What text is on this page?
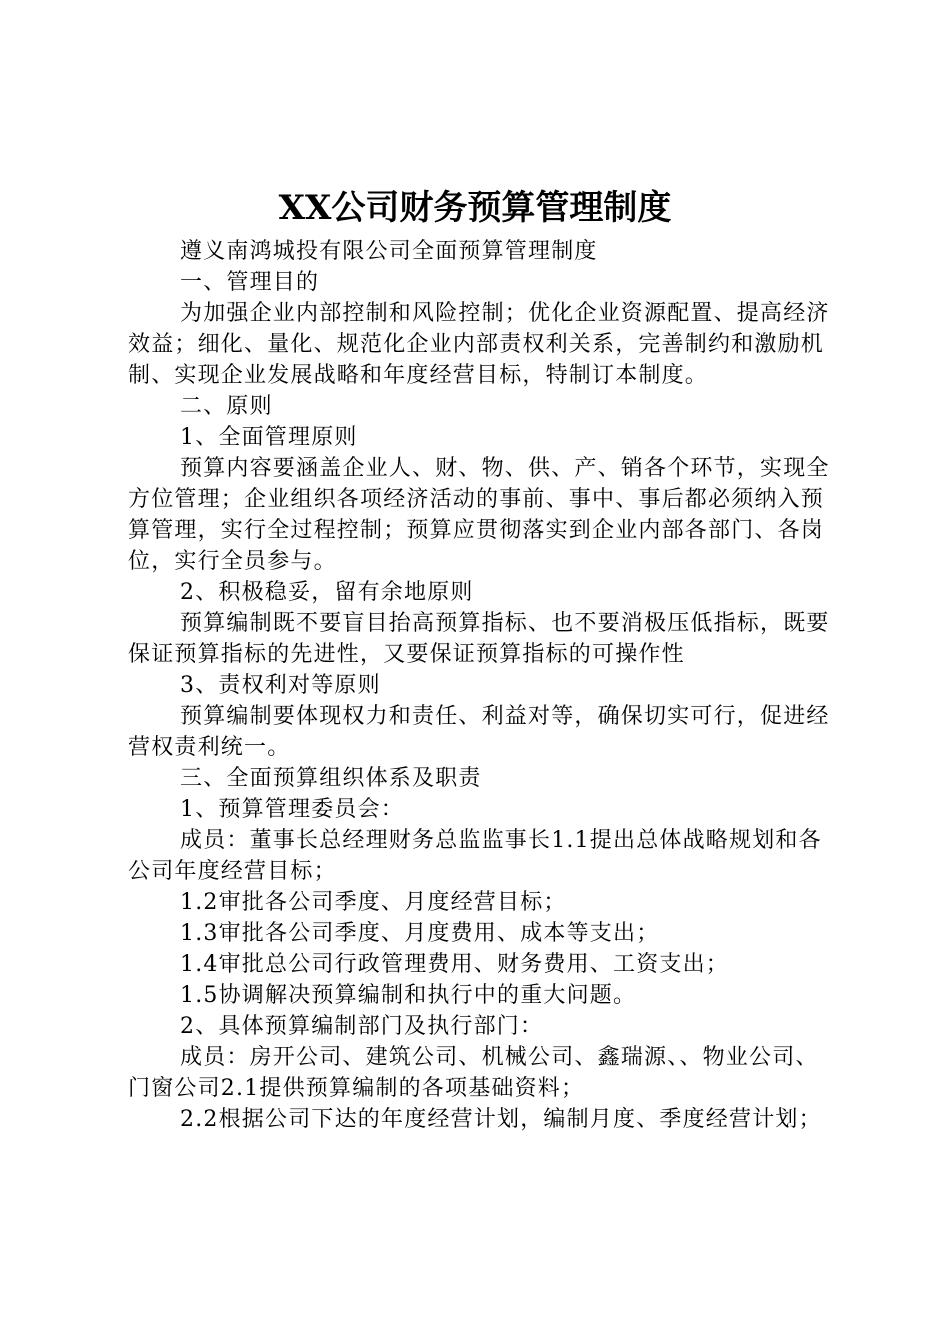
XX公司财务预算管理制度

遵义南鸿城投有限公司全面预算管理制度

一、管理目的

为加强企业内部控制和风险控制；优化企业资源配置、提高经济效益；细化、量化、规范化企业内部责权利关系，完善制约和激励机制、实现企业发展战略和年度经营目标，特制订本制度。

二、原则

1、全面管理原则

预算内容要涵盖企业人、财、物、供、产、销各个环节，实现全方位管理；企业组织各项经济活动的事前、事中、事后都必须纳入预算管理，实行全过程控制；预算应贯彻落实到企业内部各部门、各岗位，实行全员参与。

2、积极稳妥，留有余地原则

预算编制既不要盲目抬高预算指标、也不要消极压低指标，既要保证预算指标的先进性，又要保证预算指标的可操作性

3、责权利对等原则

预算编制要体现权力和责任、利益对等，确保切实可行，促进经营权责利统一。

三、全面预算组织体系及职责

1、预算管理委员会：

成员：董事长总经理财务总监监事长1.1提出总体战略规划和各公司年度经营目标；

1.2审批各公司季度、月度经营目标；

1.3审批各公司季度、月度费用、成本等支出；

1.4审批总公司行政管理费用、财务费用、工资支出；

1.5协调解决预算编制和执行中的重大问题。

2、具体预算编制部门及执行部门：

成员：房开公司、建筑公司、机械公司、鑫瑞源、、物业公司、门窗公司2.1提供预算编制的各项基础资料；

2.2根据公司下达的年度经营计划，编制月度、季度经营计划；
